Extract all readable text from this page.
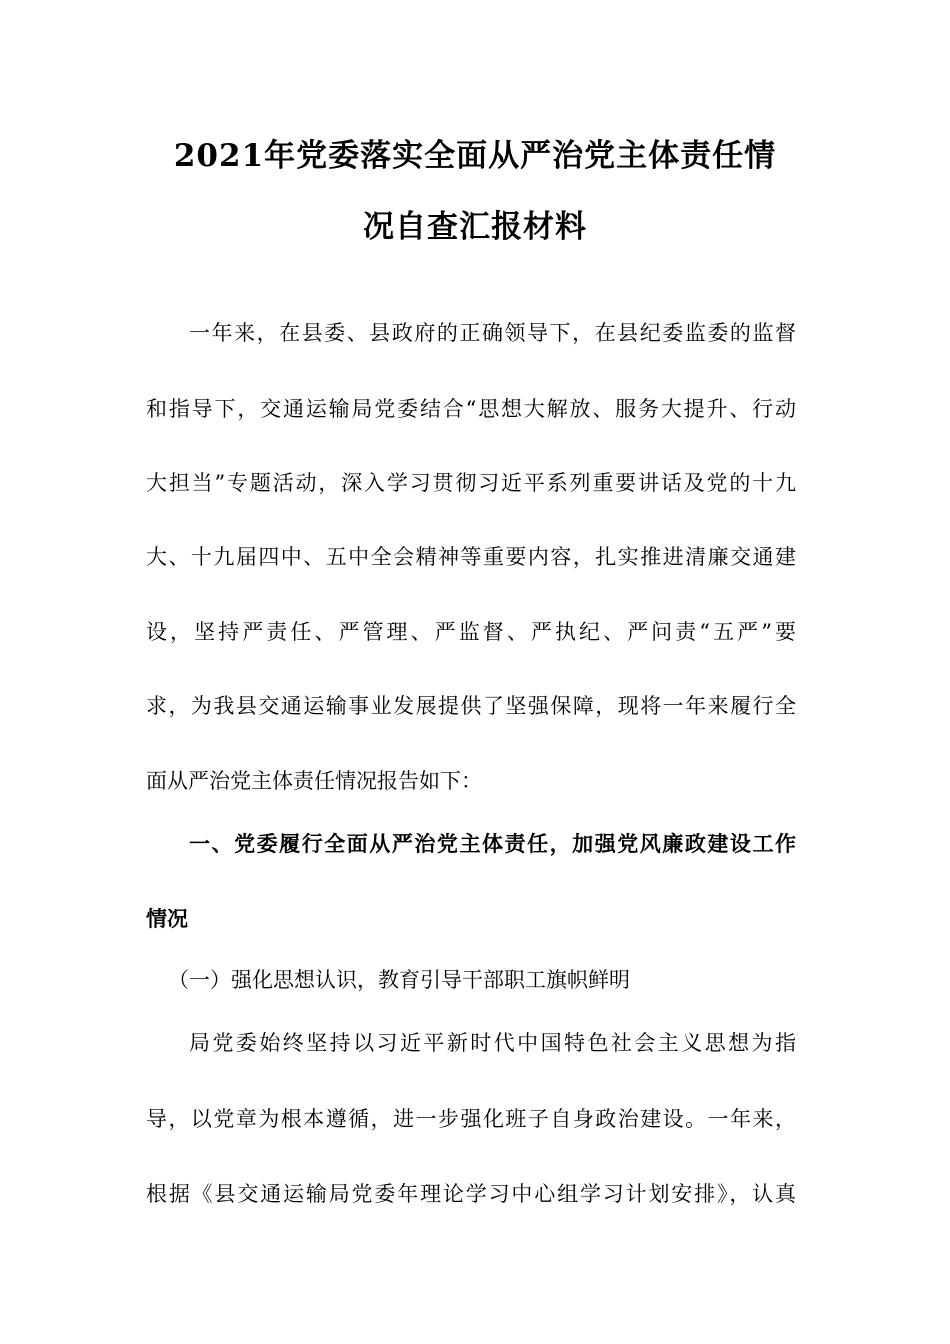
2021年党委落实全面从严治党主体责任情
况自查汇报材料
一年来，在县委、县政府的正确领导下，在县纪委监委的监督
和指导下，交通运输局党委结合“思想大解放、服务大提升、行动
大担当”专题活动，深入学习贯彻习近平系列重要讲话及党的十九
大、十九届四中、五中全会精神等重要内容，扎实推进清廉交通建
设，坚持严责任、严管理、严监督、严执纪、严问责“五严”要
求，为我县交通运输事业发展提供了坚强保障，现将一年来履行全
面从严治党主体责任情况报告如下：
一、党委履行全面从严治党主体责任，加强党风廉政建设工作
情况
（一）强化思想认识，教育引导干部职工旗帜鲜明
局党委始终坚持以习近平新时代中国特色社会主义思想为指
导，以党章为根本遵循，进一步强化班子自身政治建设。一年来，
根据《县交通运输局党委年理论学习中心组学习计划安排》，认真
